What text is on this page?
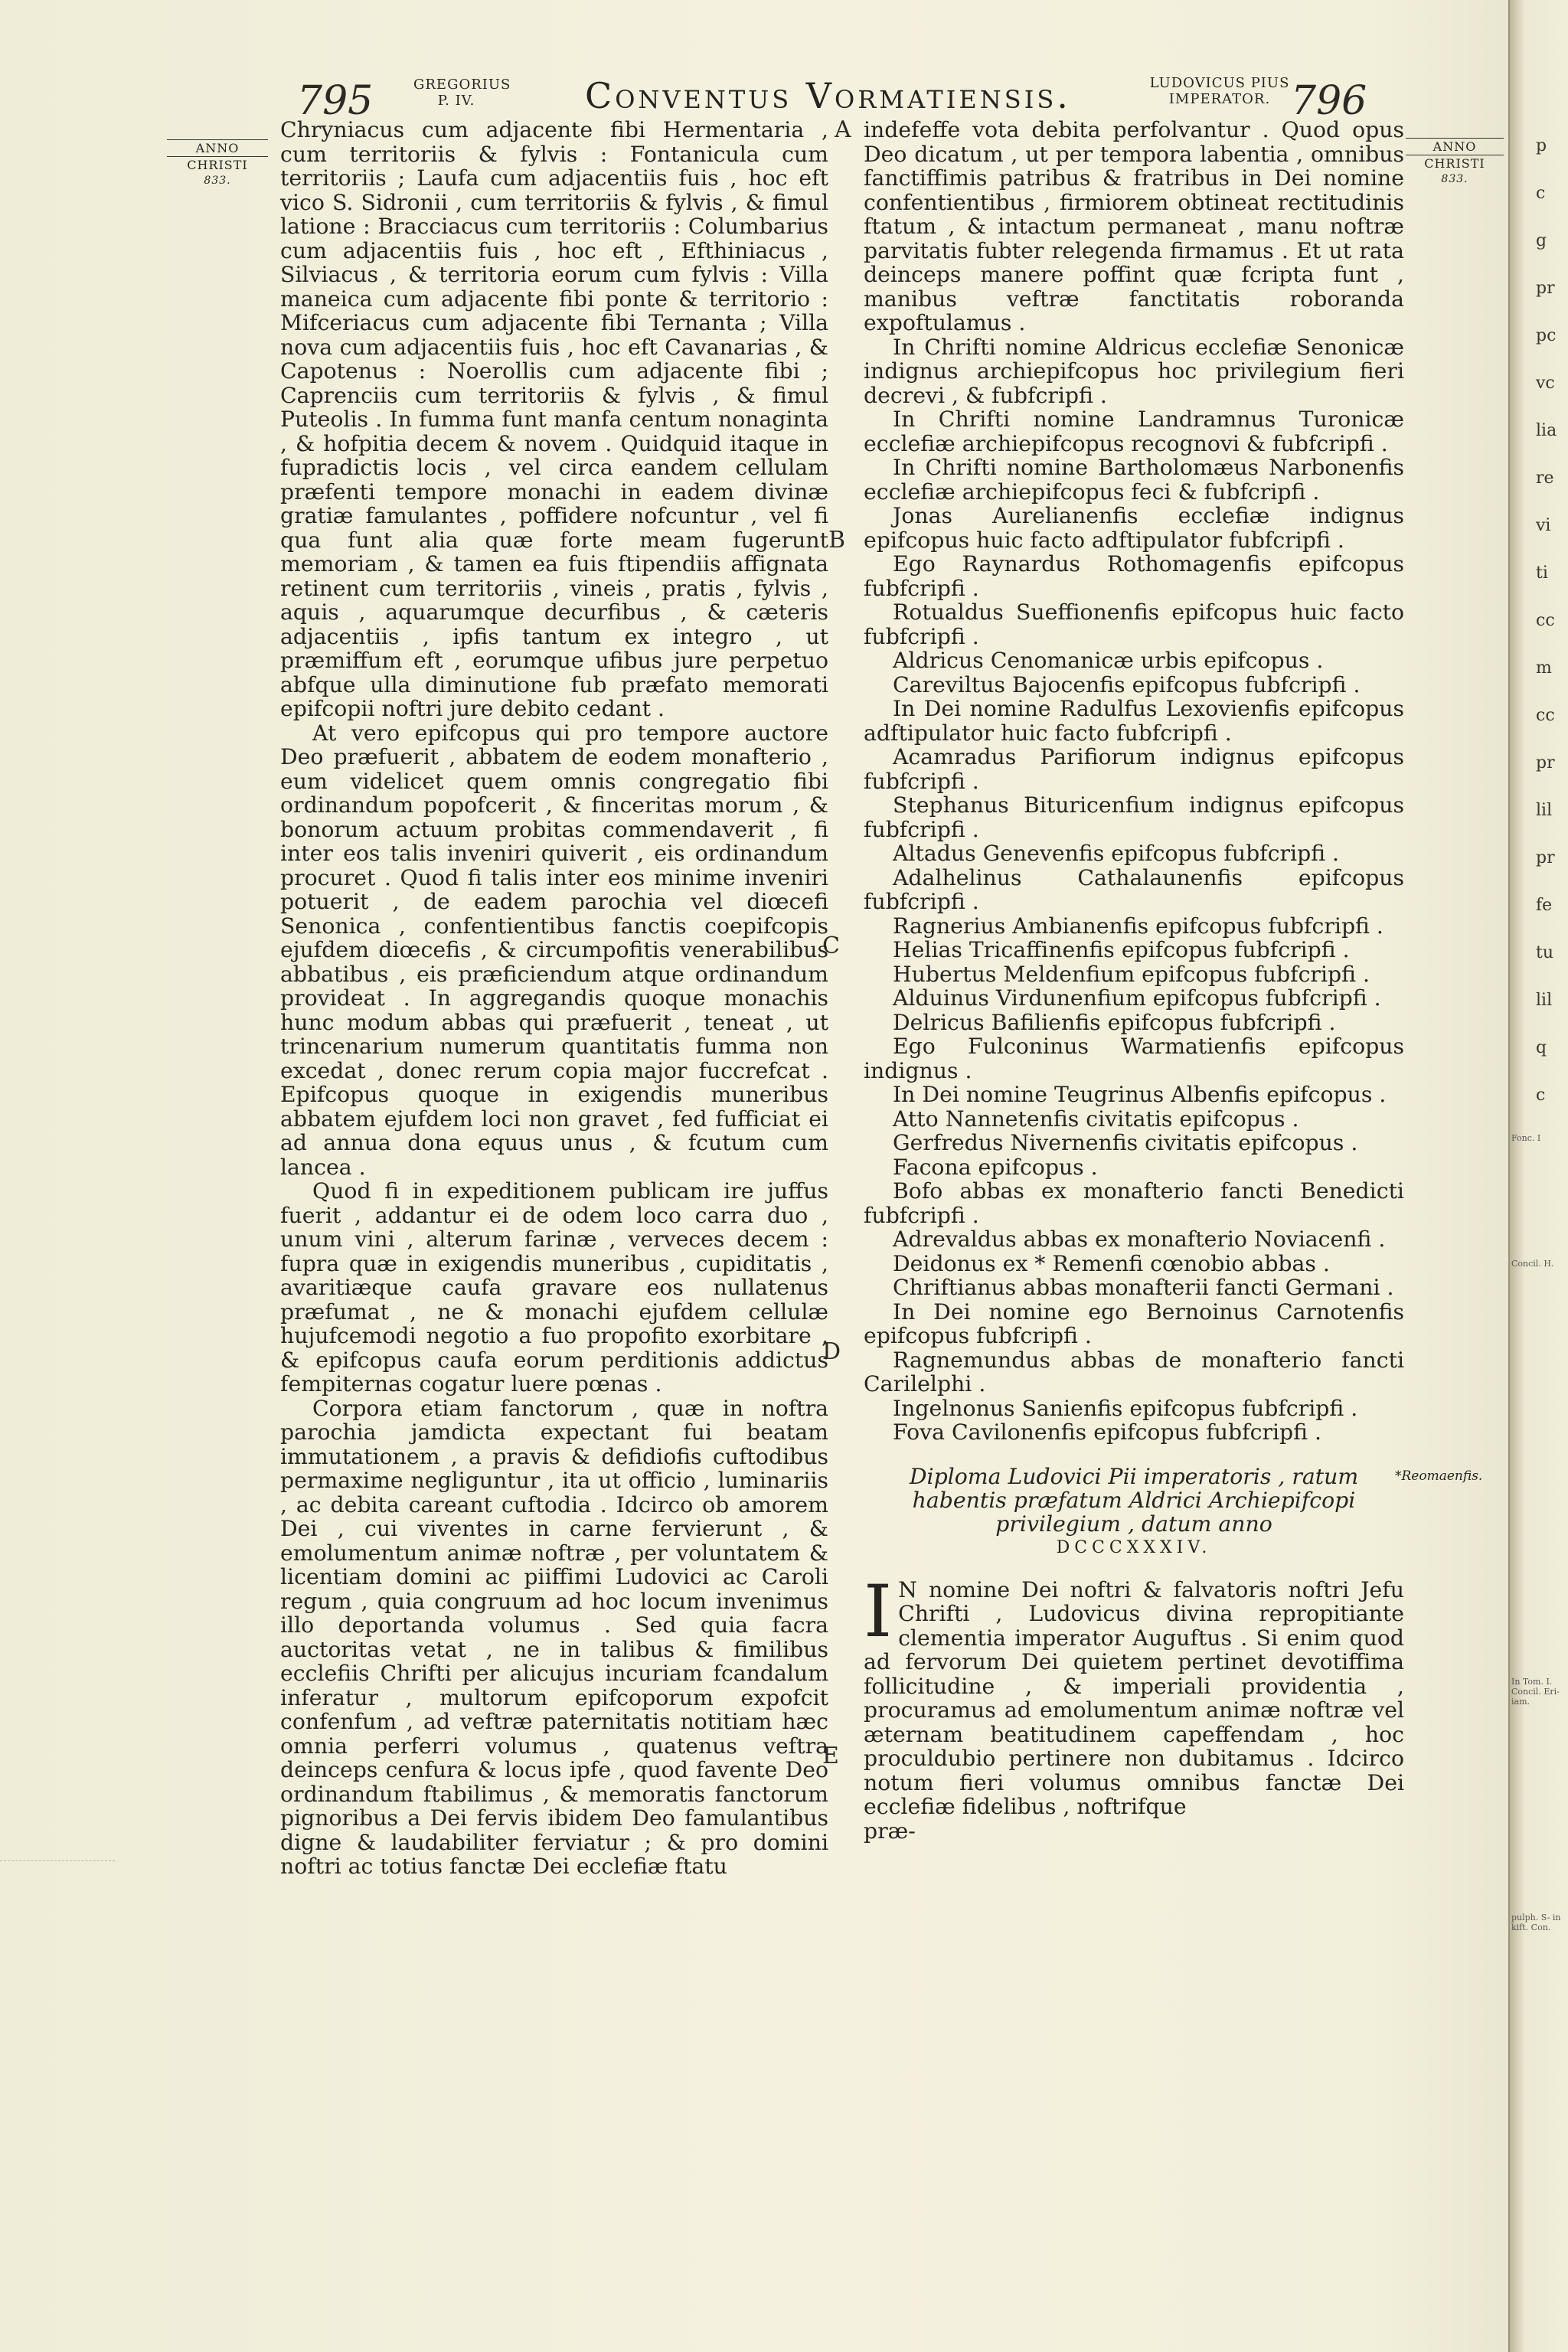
795	GREGORIUS
P. IV.	Conventus Vormatiensis.	LUDOVICUS PIUS
IMPERATOR. 796
ANNO
CHRISTI
833.
ANNO
CHRISTI
833.
A
B
C
D
E
*Reomaenfis.

Chryniacus cum adjacente fibi Hermentaria , cum territoriis & fylvis : Fontanicula cum territoriis ; Laufa cum adjacentiis fuis , hoc eft vico S. Sidronii , cum territoriis & fylvis , & fimul latione : Bracciacus cum territoriis : Columbarius cum adjacentiis fuis , hoc eft , Efthiniacus , Silviacus , & territoria eorum cum fylvis : Villa maneica cum adjacente fibi ponte & territorio : Mifceriacus cum adjacente fibi Ternanta ; Villa nova cum adjacentiis fuis , hoc eft Cavanarias , & Capotenus : Noerollis cum adjacente fibi ; Caprenciis cum territoriis & fylvis , & fimul Puteolis . In fumma funt manfa centum nonaginta , & hofpitia decem & novem . Quidquid itaque in fupradictis locis , vel circa eandem cellulam præfenti tempore monachi in eadem divinæ gratiæ famulantes , poffidere nofcuntur , vel fi qua funt alia quæ forte meam fugerunt memoriam , & tamen ea fuis ftipendiis affignata retinent cum territoriis , vineis , pratis , fylvis , aquis , aquarumque decurfibus , & cæteris adjacentiis , ipfis tantum ex integro , ut præmiffum eft , eorumque ufibus jure perpetuo abfque ulla diminutione fub præfato memorati epifcopii noftri jure debito cedant .

At vero epifcopus qui pro tempore auctore Deo præfuerit , abbatem de eodem monafterio , eum videlicet quem omnis congregatio fibi ordinandum popofcerit , & finceritas morum , & bonorum actuum probitas commendaverit , fi inter eos talis inveniri quiverit , eis ordinandum procuret . Quod fi talis inter eos minime inveniri potuerit , de eadem parochia vel diœcefi Senonica , confentientibus fanctis coepifcopis ejufdem diœcefis , & circumpofitis venerabilibus abbatibus , eis præficiendum atque ordinandum provideat . In aggregandis quoque monachis hunc modum abbas qui præfuerit , teneat , ut trincenarium numerum quantitatis fumma non excedat , donec rerum copia major fuccrefcat . Epifcopus quoque in exigendis muneribus abbatem ejufdem loci non gravet , fed fufficiat ei ad annua dona equus unus , & fcutum cum lancea .

Quod fi in expeditionem publicam ire juffus fuerit , addantur ei de odem loco carra duo , unum vini , alterum farinæ , verveces decem : fupra quæ in exigendis muneribus , cupiditatis , avaritiæque caufa gravare eos nullatenus præfumat , ne & monachi ejufdem cellulæ hujufcemodi negotio a fuo propofito exorbitare , & epifcopus caufa eorum perditionis addictus fempiternas cogatur luere pœnas .

Corpora etiam fanctorum , quæ in noftra parochia jamdicta expectant fui beatam immutationem , a pravis & defidiofis cuftodibus permaxime negliguntur , ita ut officio , luminariis , ac debita careant cuftodia . Idcirco ob amorem Dei , cui viventes in carne fervierunt , & emolumentum animæ noftræ , per voluntatem & licentiam domini ac piiffimi Ludovici ac Caroli regum , quia congruum ad hoc locum invenimus illo deportanda volumus . Sed quia facra auctoritas vetat , ne in talibus & fimilibus ecclefiis Chrifti per alicujus incuriam fcandalum inferatur , multorum epifcoporum expofcit confenfum , ad veftræ paternitatis notitiam hæc omnia perferri volumus , quatenus veftra deinceps cenfura & locus ipfe , quod favente Deo ordinandum ftabilimus , & memoratis fanctorum pignoribus a Dei fervis ibidem Deo famulantibus digne & laudabiliter ferviatur ; & pro domini noftri ac totius fanctæ Dei ecclefiæ ftatu

indefeffe vota debita perfolvantur . Quod opus Deo dicatum , ut per tempora labentia , omnibus fanctiffimis patribus & fratribus in Dei nomine confentientibus , firmiorem obtineat rectitudinis ftatum , & intactum permaneat , manu noftræ parvitatis fubter relegenda firmamus . Et ut rata deinceps manere poffint quæ fcripta funt , manibus veftræ fanctitatis roboranda expoftulamus .

In Chrifti nomine Aldricus ecclefiæ Senonicæ indignus archiepifcopus hoc privilegium fieri decrevi , & fubfcripfi .

In Chrifti nomine Landramnus Turonicæ ecclefiæ archiepifcopus recognovi & fubfcripfi .

In Chrifti nomine Bartholomæus Narbonenfis ecclefiæ archiepifcopus feci & fubfcripfi .

Jonas Aurelianenfis ecclefiæ indignus epifcopus huic facto adftipulator fubfcripfi .

Ego Raynardus Rothomagenfis epifcopus fubfcripfi .

Rotualdus Sueffionenfis epifcopus huic facto fubfcripfi .

Aldricus Cenomanicæ urbis epifcopus .

Careviltus Bajocenfis epifcopus fubfcripfi .

In Dei nomine Radulfus Lexovienfis epifcopus adftipulator huic facto fubfcripfi .

Acamradus Parifiorum indignus epifcopus fubfcripfi .

Stephanus Bituricenfium indignus epifcopus fubfcripfi .

Altadus Genevenfis epifcopus fubfcripfi .

Adalhelinus Cathalaunenfis epifcopus fubfcripfi .

Ragnerius Ambianenfis epifcopus fubfcripfi .

Helias Tricaffinenfis epifcopus fubfcripfi .

Hubertus Meldenfium epifcopus fubfcripfi .

Alduinus Virdunenfium epifcopus fubfcripfi .

Delricus Bafilienfis epifcopus fubfcripfi .

Ego Fulconinus Warmatienfis epifcopus indignus .

In Dei nomine Teugrinus Albenfis epifcopus .

Atto Nannetenfis civitatis epifcopus .

Gerfredus Nivernenfis civitatis epifcopus .

Facona epifcopus .

Bofo abbas ex monafterio fancti Benedicti fubfcripfi .

Adrevaldus abbas ex monafterio Noviacenfi .

Deidonus ex * Remenfi cœnobio abbas .

Chriftianus abbas monafterii fancti Germani .

In Dei nomine ego Bernoinus Carnotenfis epifcopus fubfcripfi .

Ragnemundus abbas de monafterio fancti Carilelphi .

Ingelnonus Sanienfis epifcopus fubfcripfi .

Fova Cavilonenfis epifcopus fubfcripfi .

Diploma Ludovici Pii imperatoris , ratum habentis præfatum Aldrici Archiepifcopi privilegium , datum anno
DCCCXXXIV.

I N nomine Dei noftri & falvatoris noftri Jefu Chrifti , Ludovicus divina repropitiante clementia imperator Auguftus . Si enim quod ad fervorum Dei quietem pertinet devotiffima follicitudine , & imperiali providentia , procuramus ad emolumentum animæ noftræ vel æternam beatitudinem capeffendam , hoc proculdubio pertinere non dubitamus . Idcirco notum fieri volumus omnibus fanctæ Dei ecclefiæ fidelibus , noftrifque

præ-

p
c
g
pr
pc
vc
lia
re
vi
ti
cc
m
cc
pr
lil
pr
fe
tu
lil
q
c
Fonc. I
Concil. H.
In Tom. I. Concil. Eri-iam.
pulph. S- in kift. Con.
